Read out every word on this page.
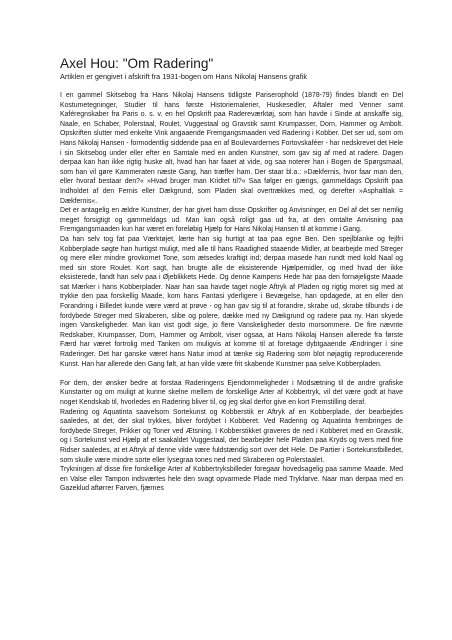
Axel Hou: "Om Radering"
Artiklen er gengivet i afskrift fra 1931-bogen om Hans Nikolaj Hansens grafik

I en gammel Skitsebog fra Hans Nikolaj Hansens tidligste Pariserophold (1878-79) findes blandt en Del Kostumetegninger, Studier til hans første Historiemalerier, Huskesedler, Aftaler med Venner samt Kaféregnskaber fra Paris o. s. v. en hel Opskrift paa Radereværktøj, som han havde i Sinde at anskaffe sig, Naale, en Schaber, Polerstaal, Roulet, Vuggestaal og Gravstik samt Krumpasser, Dorn, Hammer og Ambolt. Opskriften slutter med enkelte Vink angaaende Fremgangsmaaden ved Radering i Kobber. Det ser ud, som om Hans Nikolaj Hansen - formodentlig siddende paa en af Boulevardernes Fortovskaféer - har nedskrevet det Hele i sin Skitsebog under eller efter en Samtale med en anden Kunstner, som gav sig af med at radere. Dagen derpaa kan han ikke rigtig huske alt, hvad han har faaet at vide, og saa noterer han i Bogen de Spørgsmaal, som han vil gøre Kammeraten næste Gang, han træffer ham. Der staar bl.a.: »Dækfernis, hvor faar man den, eller hvoraf bestaar den?« »Hvad bruger man Kridtet til?« Saa følger en gængs, gammeldags Opskrift paa Indholdet af den Fernis eller Dækgrund, som Pladen skal overtrækkes med, og derefter »Asphaltlak = Dækfernis«.

Det er antagelig en ældre Kunstner, der har givet ham disse Opskrifter og Anvisninger, en Del af det ser nemlig meget forsigtigt og gammeldags ud. Man kan også roligt gaa ud fra, at den omtalte Anvisning paa Fremgangsmaaden kun har været en foreløbig Hjælp for Hans Nikolaj Hansen til at komme i Gang.

Da han selv tog fat paa Værktøjet, lærte han sig hurtigt at taa paa egne Ben. Den spejlblanke og fejlfri Kobberplade søgte han hurtigst muligt, med alle til hans Raadighed staaende Midler, at bearbejde med Streger og mere eller mindre grovkornet Tone, som ætsedes kraftigt ind; derpaa masede han rundt med kold Naal og med sin store Roulet. Kort sagt, han brugte alle de eksisterende Hjælpemidler, og med hvad der ikke eksisterede, fandt han selv paa i Øjeblikkets Hede. Og denne Kampens Hede har paa den fornøjeligste Maade sat Mærker i hans Kobberplader. Naar han saa havde taget nogle Aftryk af Pladen og rigtig moret sig med at trykke den paa forskellig Maade, kom hans Fantasi yderligere i Bevægelse, han opdagede, at en eller den Forandring i Billedet kunde være værd at prøve - og han gav sig til at forandre, skrabe ud, skrabe tilbunds i de fordybede Streger med Skraberen, slibe og polere, dække med ny Dækgrund og radere paa ny. Han skyede ingen Vanskeligheder. Man kan vist godt sige, jo flere Vanskeligheder desto morsommere. De fire nævnte Redskaber, Krumpasser, Dorn, Hammer og Ambolt, viser ogsaa, at Hans Nikolaj Hansen allerede fra første Færd har været fortrolig med Tanken om muligvis at komme til at foretage dybtgaaende Ændringer i sine Raderinger. Det har ganske været hans Natur imod at tænke sig Radering som blot nøjagtig reproducerende Kunst. Han har allerede den Gang følt, at han vilde være frit skabende Kunstner paa selve Kobberpladen.

For dem, der ønsker bedre at forstaa Raderingens Ejendommeligheder i Modsætning til de andre grafiske Kunstarter og om muligt at kunne skelne mellem de forskellige Arter af Kobbertryk, vil det være godt at have noget Kendskab til, hvorledes en Radering bliver til, og jeg skal derfor give en kort Fremstilling deraf.

Radering og Aquatinta saavelsom Sortekunst og Kobberstik er Aftryk af en Kobberplade, der bearbejdes saaledes, at det, der skal trykkes, bliver fordybet i Kobberet. Ved Radering og Aquatinta frembringes de fordybede Streger, Prikker og Toner ved Ætsning. I Kobberstikket graveres de ned i Kobberet med en Gravstik, og i Sortekunst ved Hjælp af et saakaldet Vuggestaal, der bearbejder hele Pladen paa Kryds og tvers med fine Ridser saaledes, at et Aftryk af denne vilde være fuldstændig sort over det Hele. De Partier i Sortekunstbilledet, som skulle være mindre sorte eller lysegraa tones ned med Skraberen og Polerstaalet.

Trykningen af disse fire forskellige Arter af Kobbertryksbilleder foregaar hovedsagelig paa samme Maade. Med en Valse eller Tampon indsværtes hele den svagt opvarmede Plade med Trykfarve. Naar man derpaa med en Gazeklud aftørrer Farven, fjærnes
